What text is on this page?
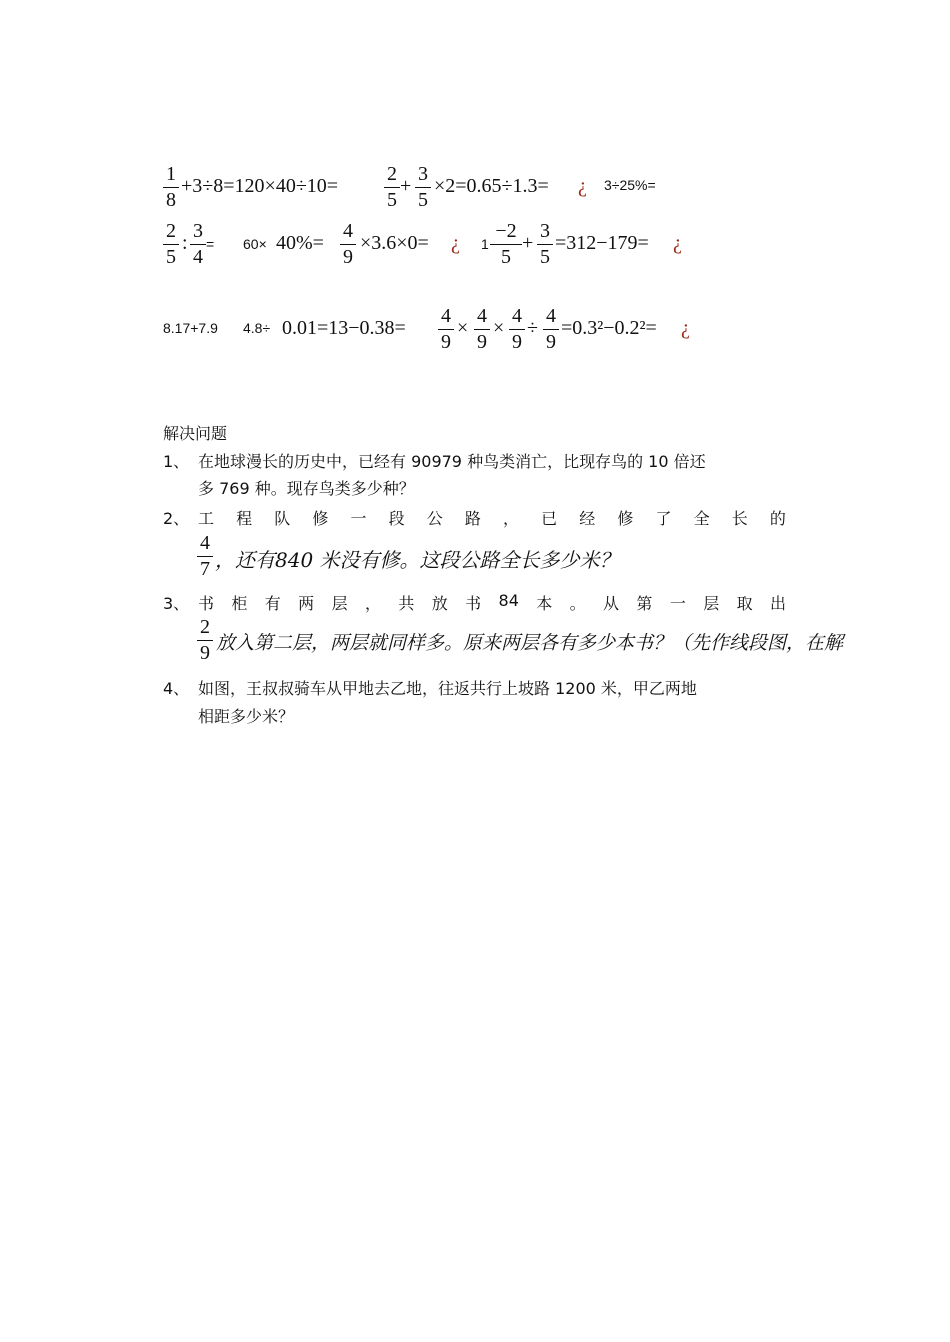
1
8
+3÷8=120×40÷10=
2
5
+
3
5
×2=0.65÷1.3= ¿ 3÷25%=
2
5
:
3
4
= 60× 40%=
4
9
×3.6×0= ¿ 1
−2
5
+
3
5
=312−179= ¿
8.17+7.9 4.8÷ 0.01=13−0.38=
4
9
×
4
9
×
4
9
÷
4
9
=0.3²−0.2²= ¿
解决问题
1、 在地球漫长的历史中，已经有 90979 种鸟类消亡，比现存鸟的 10 倍还
多 769 种。现存鸟类多少种？
2、 工 程 队 修 一 段 公 路 ， 已 经 修 了 全 长 的
4
7 ，还有840 米没有修。这段公路全长多少米？
3、 书 柜 有 两 层 ， 共 放 书 84 本 。 从 第 一 层 取 出
2
9 放入第二层，两层就同样多。原来两层各有多少本书？（先作线段图，在解
4、 如图，王叔叔骑车从甲地去乙地，往返共行上坡路 1200 米，甲乙两地
相距多少米？
